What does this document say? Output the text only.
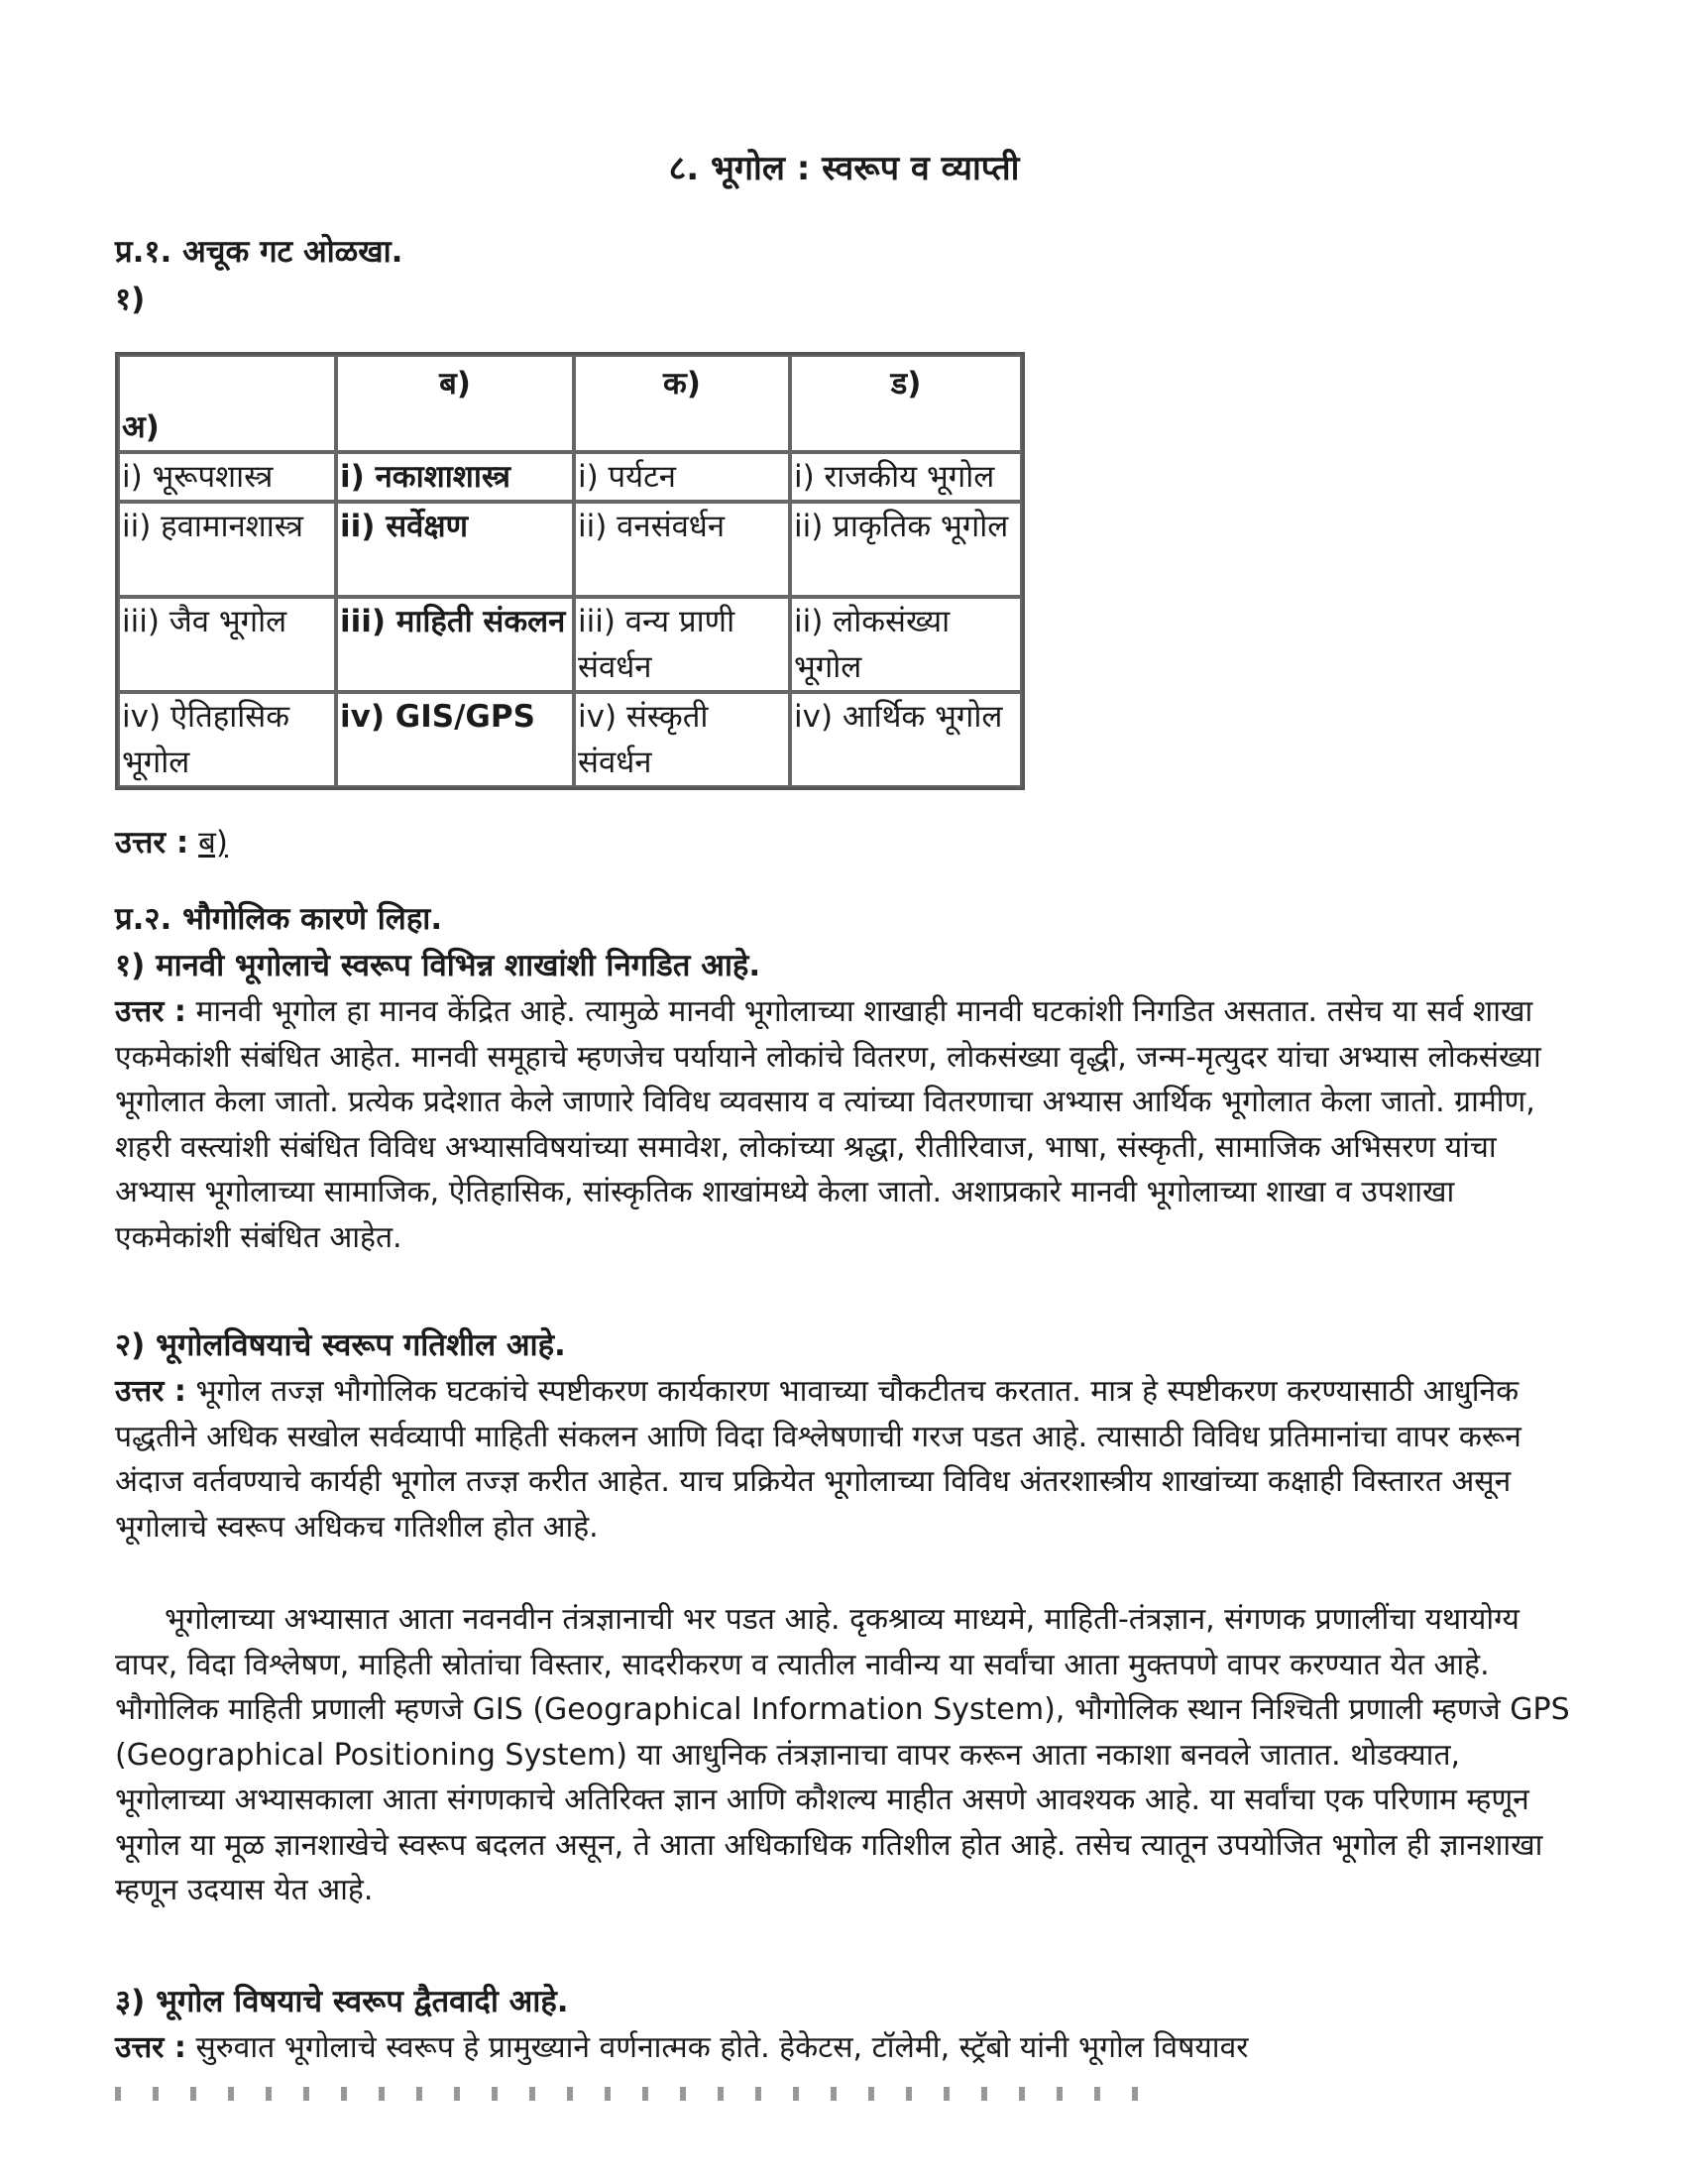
८. भूगोल : स्वरूप व व्याप्ती
प्र.१. अचूक गट ओळखा.
१)
अ)	ब)	क)	ड)
i) भूरूपशास्त्र	i) नकाशाशास्त्र	i) पर्यटन	i) राजकीय भूगोल
ii) हवामानशास्त्र	ii) सर्वेक्षण	ii) वनसंवर्धन	ii) प्राकृतिक भूगोल
iii) जैव भूगोल	iii) माहिती संकलन	iii) वन्य प्राणी संवर्धन	ii) लोकसंख्या भूगोल
iv) ऐतिहासिक भूगोल	iv) GIS/GPS	iv) संस्कृती संवर्धन	iv) आर्थिक भूगोल
उत्तर : ब)
प्र.२. भौगोलिक कारणे लिहा.
१) मानवी भूगोलाचे स्वरूप विभिन्न शाखांशी निगडित आहे.

उत्तर : मानवी भूगोल हा मानव केंद्रित आहे. त्यामुळे मानवी भूगोलाच्या शाखाही मानवी घटकांशी निगडित असतात. तसेच या सर्व शाखा एकमेकांशी संबंधित आहेत. मानवी समूहाचे म्हणजेच पर्यायाने लोकांचे वितरण, लोकसंख्या वृद्धी, जन्म-मृत्युदर यांचा अभ्यास लोकसंख्या भूगोलात केला जातो. प्रत्येक प्रदेशात केले जाणारे विविध व्यवसाय व त्यांच्या वितरणाचा अभ्यास आर्थिक भूगोलात केला जातो. ग्रामीण, शहरी वस्त्यांशी संबंधित विविध अभ्यासविषयांच्या समावेश, लोकांच्या श्रद्धा, रीतीरिवाज, भाषा, संस्कृती, सामाजिक अभिसरण यांचा अभ्यास भूगोलाच्या सामाजिक, ऐतिहासिक, सांस्कृतिक शाखांमध्ये केला जातो. अशाप्रकारे मानवी भूगोलाच्या शाखा व उपशाखा एकमेकांशी संबंधित आहेत.

२) भूगोलविषयाचे स्वरूप गतिशील आहे.

उत्तर : भूगोल तज्ज्ञ भौगोलिक घटकांचे स्पष्टीकरण कार्यकारण भावाच्या चौकटीतच करतात. मात्र हे स्पष्टीकरण करण्यासाठी आधुनिक पद्धतीने अधिक सखोल सर्वव्यापी माहिती संकलन आणि विदा विश्लेषणाची गरज पडत आहे. त्यासाठी विविध प्रतिमानांचा वापर करून अंदाज वर्तवण्याचे कार्यही भूगोल तज्ज्ञ करीत आहेत. याच प्रक्रियेत भूगोलाच्या विविध अंतरशास्त्रीय शाखांच्या कक्षाही विस्तारत असून भूगोलाचे स्वरूप अधिकच गतिशील होत आहे.

भूगोलाच्या अभ्यासात आता नवनवीन तंत्रज्ञानाची भर पडत आहे. दृकश्राव्य माध्यमे, माहिती-तंत्रज्ञान, संगणक प्रणालींचा यथायोग्य वापर, विदा विश्लेषण, माहिती स्रोतांचा विस्तार, सादरीकरण व त्यातील नावीन्य या सर्वांचा आता मुक्तपणे वापर करण्यात येत आहे. भौगोलिक माहिती प्रणाली म्हणजे GIS (Geographical Information System), भौगोलिक स्थान निश्चिती प्रणाली म्हणजे GPS (Geographical Positioning System) या आधुनिक तंत्रज्ञानाचा वापर करून आता नकाशा बनवले जातात. थोडक्यात, भूगोलाच्या अभ्यासकाला आता संगणकाचे अतिरिक्त ज्ञान आणि कौशल्य माहीत असणे आवश्यक आहे. या सर्वांचा एक परिणाम म्हणून भूगोल या मूळ ज्ञानशाखेचे स्वरूप बदलत असून, ते आता अधिकाधिक गतिशील होत आहे. तसेच त्यातून उपयोजित भूगोल ही ज्ञानशाखा म्हणून उदयास येत आहे.

३) भूगोल विषयाचे स्वरूप द्वैतवादी आहे.

उत्तर : सुरुवात भूगोलाचे स्वरूप हे प्रामुख्याने वर्णनात्मक होते. हेकेटस, टॉलेमी, स्ट्रॅबो यांनी भूगोल विषयावर
